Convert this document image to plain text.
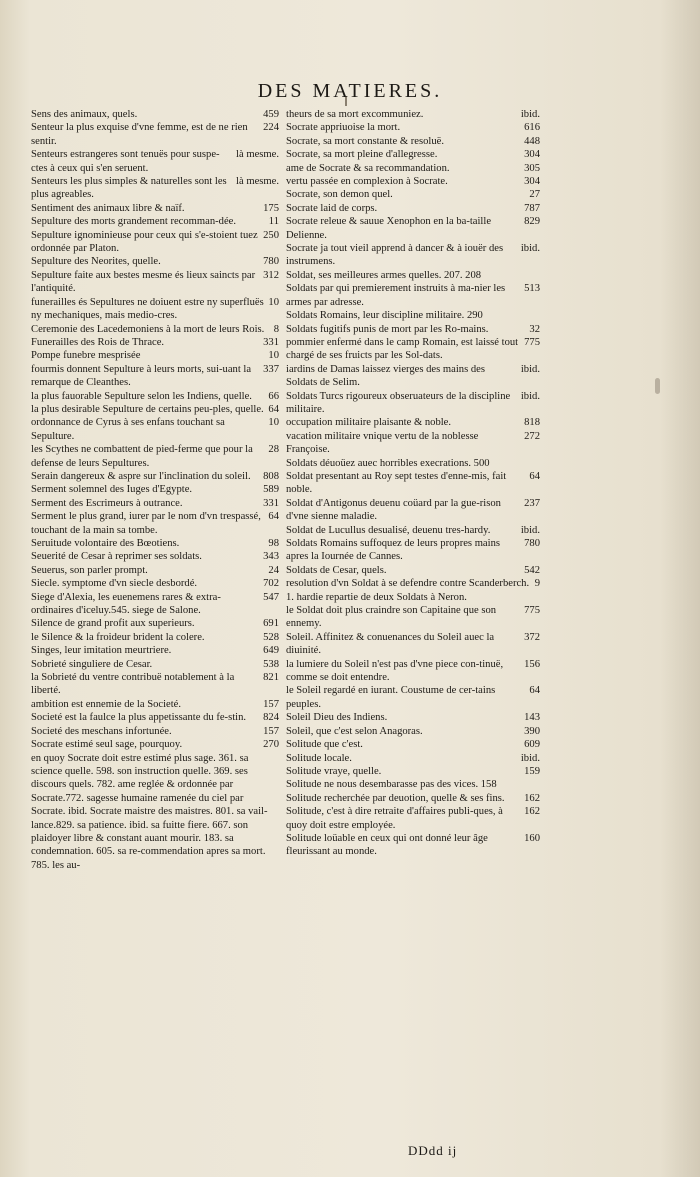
DES MATIERES.
459
Sens des animaux, quels.
224
Senteur la plus exquise d'vne femme, est de ne rien sentir.
là mesme.
Senteurs estrangeres sont tenuës pour suspe-ctes à ceux qui s'en seruent.
là mesme.
Senteurs les plus simples & naturelles sont les plus agreables.
175
Sentiment des animaux libre & naïf.
11
Sepulture des morts grandement recomman-dée.
250
Sepulture ignominieuse pour ceux qui s'e-stoient tuez ordonnée par Platon.
780
Sepulture des Neorites, quelle.
312
Sepulture faite aux bestes mesme és lieux saincts par l'antiquité.
10
funerailles és Sepultures ne doiuent estre ny superfluës ny mechaniques, mais medio-cres.
8
Ceremonie des Lacedemoniens à la mort de leurs Rois.
331
Funerailles des Rois de Thrace.
10
Pompe funebre mesprisée
337
fourmis donnent Sepulture à leurs morts, sui-uant la remarque de Cleanthes.
66
la plus fauorable Sepulture selon les Indiens, quelle.
64
la plus desirable Sepulture de certains peu-ples, quelle.
10
ordonnance de Cyrus à ses enfans touchant sa Sepulture.
28
les Scythes ne combattent de pied-ferme que pour la defense de leurs Sepultures.
808
Serain dangereux & aspre sur l'inclination du soleil.
589
Serment solemnel des Iuges d'Egypte.
331
Serment des Escrimeurs à outrance.
64
Serment le plus grand, iurer par le nom d'vn trespassé, touchant de la main sa tombe.
98
Seruitude volontaire des Bœotiens.
343
Seuerité de Cesar à reprimer ses soldats.
24
Seuerus, son parler prompt.
702
Siecle. symptome d'vn siecle desbordé.
547
Siege d'Alexia, les euenemens rares & extra-ordinaires d'iceluy.545. siege de Salone.
691
Silence de grand profit aux superieurs.
528
le Silence & la froideur brident la colere.
649
Singes, leur imitation meurtriere.
538
Sobrieté singuliere de Cesar.
821
la Sobrieté du ventre contribuë notablement à la liberté.
157
ambition est ennemie de la Societé.
824
Societé est la faulce la plus appetissante du fe-stin.
157
Societé des meschans infortunée.
270
Socrate estimé seul sage, pourquoy.
en quoy Socrate doit estre estimé plus sage. 361. sa science quelle. 598. son instruction quelle. 369. ses discours quels. 782. ame reglée & ordonnée par Socrate.772. sagesse humaine ramenée du ciel par Socrate. ibid. Socrate maistre des maistres. 801. sa vail-lance.829. sa patience. ibid. sa fuitte fiere. 667. son plaidoyer libre & constant auant mourir. 183. sa condemnation. 605. sa re-commendation apres sa mort. 785. les au-
ibid.
theurs de sa mort excommuniez.
616
Socrate appriuoise la mort.
448
Socrate, sa mort constante & resoluë.
304
Socrate, sa mort pleine d'allegresse.
305
ame de Socrate & sa recommandation.
304
vertu passée en complexion à Socrate.
27
Socrate, son demon quel.
787
Socrate laid de corps.
829
Socrate releue & sauue Xenophon en la ba-taille Delienne.
ibid.
Socrate ja tout vieil apprend à dancer & à iouër des instrumens.
Soldat, ses meilleures armes quelles. 207. 208
513
Soldats par qui premierement instruits à ma-nier les armes par adresse.
Soldats Romains, leur discipline militaire. 290
32
Soldats fugitifs punis de mort par les Ro-mains.
775
pommier enfermé dans le camp Romain, est laissé tout chargé de ses fruicts par les Sol-dats.
ibid.
iardins de Damas laissez vierges des mains des Soldats de Selim.
ibid.
Soldats Turcs rigoureux obseruateurs de la discipline militaire.
818
occupation militaire plaisante & noble.
272
vacation militaire vnique vertu de la noblesse Françoise.
Soldats déuoüez auec horribles execrations. 500
64
Soldat presentant au Roy sept testes d'enne-mis, fait noble.
237
Soldat d'Antigonus deuenu coüard par la gue-rison d'vne sienne maladie.
ibid.
Soldat de Lucullus desualisé, deuenu tres-hardy.
780
Soldats Romains suffoquez de leurs propres mains apres la Iournée de Cannes.
542
Soldats de Cesar, quels.
9
resolution d'vn Soldat à se defendre contre Scanderberch. 1. hardie repartie de deux Soldats à Neron.
775
le Soldat doit plus craindre son Capitaine que son ennemy.
372
Soleil. Affinitez & conuenances du Soleil auec la diuinité.
156
la lumiere du Soleil n'est pas d'vne piece con-tinuë, comme se doit entendre.
64
le Soleil regardé en iurant. Coustume de cer-tains peuples.
143
Soleil Dieu des Indiens.
390
Soleil, que c'est selon Anagoras.
609
Solitude que c'est.
ibid.
Solitude locale.
159
Solitude vraye, quelle.
Solitude ne nous desembarasse pas des vices. 158
162
Solitude recherchée par deuotion, quelle & ses fins.
162
Solitude, c'est à dire retraite d'affaires publi-ques, à quoy doit estre employée.
160
Solitude loüable en ceux qui ont donné leur âge fleurissant au monde.
DDdd ij
